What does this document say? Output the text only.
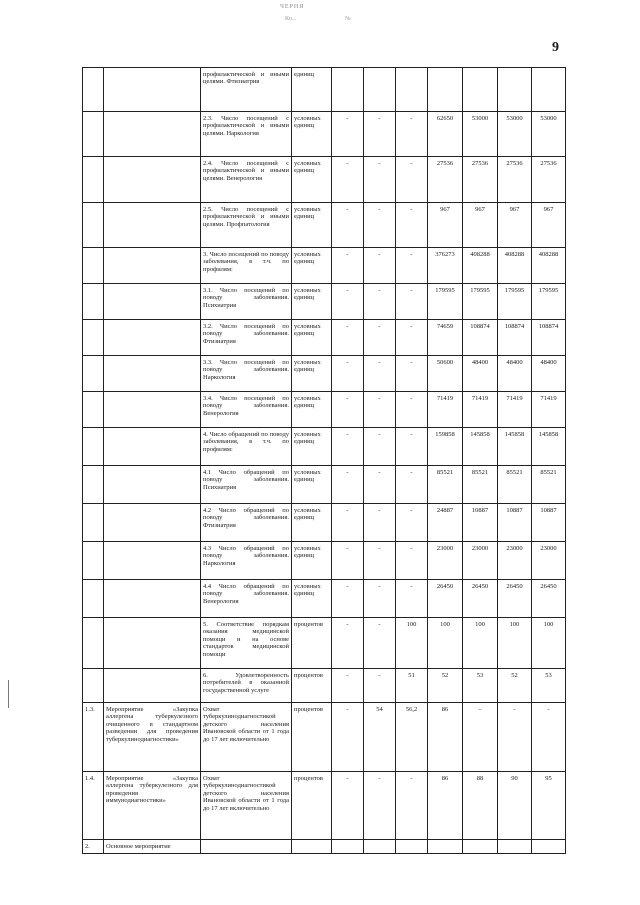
ЧЕРНЯ
Ко...	№
9
		профилактической и иными целями. Фтизиатрия	единиц							
		2.3. Число посещений с профилактической и иными целями. Наркология	условных единиц	-	-	-	62650	53000	53000	53000
		2.4. Число посещений с профилактической и иными целями. Венерология	условных единиц	-	-	-	27536	27536	27536	27536
		2.5. Число посещений с профилактической и иными целями. Профпатология	условных единиц	-	-	-	967	967	967	967
		3. Число посещений по поводу заболевания, в т.ч. по профилям:	условных единиц	-	-	-	376273	408288	408288	408288
		3.1. Число посещений по поводу заболевания. Психиатрия	условных единиц	-	-	-	179595	179595	179595	179595
		3.2. Число посещений по поводу заболевания. Фтизиатрия	условных единиц	-	-	-	74659	108874	108874	108874
		3.3. Число посещений по поводу заболевания. Наркология	условных единиц	-	-	-	50600	48400	48400	48400
		3.4. Число посещений по поводу заболевания. Венерология	условных единиц	-	-	-	71419	71419	71419	71419
		4. Число обращений по поводу заболевания, в т.ч. по профилям:	условных единиц	-	-	-	159858	145858	145858	145858
		4.1 Число обращений по поводу заболевания. Психиатрия	условных единиц	-	-	-	85521	85521	85521	85521
		4.2 Число обращений по поводу заболевания. Фтизиатрия	условных единиц	-	-	-	24887	10887	10887	10887
		4.3 Число обращений по поводу заболевания. Наркология	условных единиц	-	-	-	23000	23000	23000	23000
		4.4 Число обращений по поводу заболевания. Венерология	условных единиц	-	-	-	26450	26450	26450	26450
		5. Соответствие порядкам оказания медицинской помощи и на основе стандартов медицинской помощи	процентов	-	-	100	100	100	100	100
		6. Удовлетворенность потребителей в оказанной государственной услуге	процентов	-	-	51	52	53	52	53
1.3.	Мероприятие «Закупка аллергена туберкулезного очищенного в стандартном разведении для проведения туберкулинодиагностики»	Охват туберкулинодиагностикой детского населения Ивановской области от 1 года до 17 лет включительно	процентов	-	54	56,2	86	-	-	-
1.4.	Мероприятие «Закупка аллергена туберкулезного для проведения иммунодиагностики»	Охват туберкулинодиагностикой детского населения Ивановской области от 1 года до 17 лет включительно	процентов	-	-	-	86	88	90	95
2.	Основное мероприятие									
